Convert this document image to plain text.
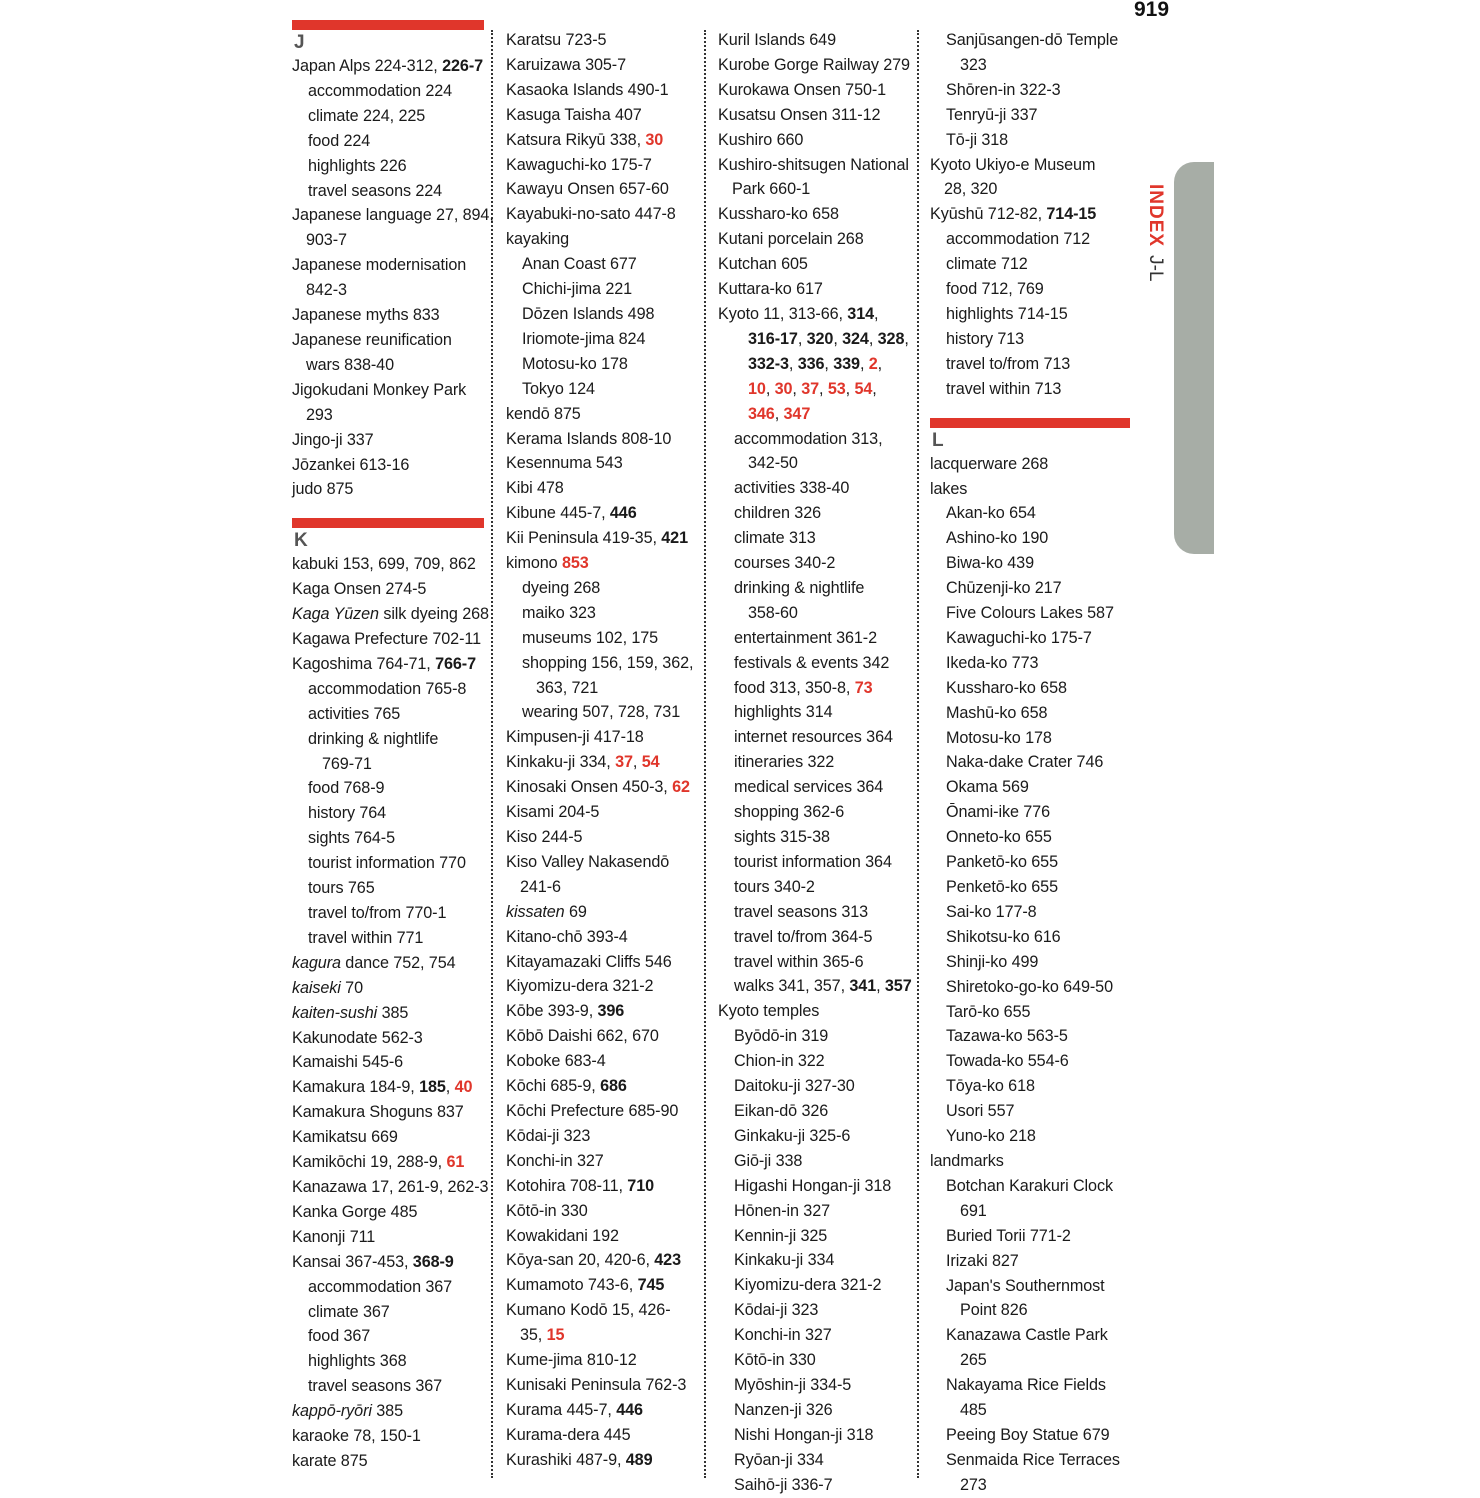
919
J
Japan Alps 224-312, 226-7
accommodation 224
climate 224, 225
food 224
highlights 226
travel seasons 224
Japanese language 27, 894,
903-7
Japanese modernisation
842-3
Japanese myths 833
Japanese reunification
wars 838-40
Jigokudani Monkey Park
293
Jingo-ji 337
Jōzankei 613-16
judo 875
K
kabuki 153, 699, 709, 862
Kaga Onsen 274-5
Kaga Yūzen silk dyeing 268
Kagawa Prefecture 702-11
Kagoshima 764-71, 766-7
accommodation 765-8
activities 765
drinking & nightlife
769-71
food 768-9
history 764
sights 764-5
tourist information 770
tours 765
travel to/from 770-1
travel within 771
kagura dance 752, 754
kaiseki 70
kaiten-sushi 385
Kakunodate 562-3
Kamaishi 545-6
Kamakura 184-9, 185, 40
Kamakura Shoguns 837
Kamikatsu 669
Kamikōchi 19, 288-9, 61
Kanazawa 17, 261-9, 262-3
Kanka Gorge 485
Kanonji 711
Kansai 367-453, 368-9
accommodation 367
climate 367
food 367
highlights 368
travel seasons 367
kappō-ryōri 385
karaoke 78, 150-1
karate 875
Karatsu 723-5
Karuizawa 305-7
Kasaoka Islands 490-1
Kasuga Taisha 407
Katsura Rikyū 338, 30
Kawaguchi-ko 175-7
Kawayu Onsen 657-60
Kayabuki-no-sato 447-8
kayaking
Anan Coast 677
Chichi-jima 221
Dōzen Islands 498
Iriomote-jima 824
Motosu-ko 178
Tokyo 124
kendō 875
Kerama Islands 808-10
Kesennuma 543
Kibi 478
Kibune 445-7, 446
Kii Peninsula 419-35, 421
kimono 853
dyeing 268
maiko 323
museums 102, 175
shopping 156, 159, 362,
363, 721
wearing 507, 728, 731
Kimpusen-ji 417-18
Kinkaku-ji 334, 37, 54
Kinosaki Onsen 450-3, 62
Kisami 204-5
Kiso 244-5
Kiso Valley Nakasendō
241-6
kissaten 69
Kitano-chō 393-4
Kitayamazaki Cliffs 546
Kiyomizu-dera 321-2
Kōbe 393-9, 396
Kōbō Daishi 662, 670
Koboke 683-4
Kōchi 685-9, 686
Kōchi Prefecture 685-90
Kōdai-ji 323
Konchi-in 327
Kotohira 708-11, 710
Kōtō-in 330
Kowakidani 192
Kōya-san 20, 420-6, 423
Kumamoto 743-6, 745
Kumano Kodō 15, 426-
35, 15
Kume-jima 810-12
Kunisaki Peninsula 762-3
Kurama 445-7, 446
Kurama-dera 445
Kurashiki 487-9, 489
Kuril Islands 649
Kurobe Gorge Railway 279
Kurokawa Onsen 750-1
Kusatsu Onsen 311-12
Kushiro 660
Kushiro-shitsugen National
Park 660-1
Kussharo-ko 658
Kutani porcelain 268
Kutchan 605
Kuttara-ko 617
Kyoto 11, 313-66, 314,
316-17, 320, 324, 328,
332-3, 336, 339, 2,
10, 30, 37, 53, 54,
346, 347
accommodation 313,
342-50
activities 338-40
children 326
climate 313
courses 340-2
drinking & nightlife
358-60
entertainment 361-2
festivals & events 342
food 313, 350-8, 73
highlights 314
internet resources 364
itineraries 322
medical services 364
shopping 362-6
sights 315-38
tourist information 364
tours 340-2
travel seasons 313
travel to/from 364-5
travel within 365-6
walks 341, 357, 341, 357
Kyoto temples
Byōdō-in 319
Chion-in 322
Daitoku-ji 327-30
Eikan-dō 326
Ginkaku-ji 325-6
Giō-ji 338
Higashi Hongan-ji 318
Hōnen-in 327
Kennin-ji 325
Kinkaku-ji 334
Kiyomizu-dera 321-2
Kōdai-ji 323
Konchi-in 327
Kōtō-in 330
Myōshin-ji 334-5
Nanzen-ji 326
Nishi Hongan-ji 318
Ryōan-ji 334
Saihō-ji 336-7
Sanjūsangen-dō Temple
323
Shōren-in 322-3
Tenryū-ji 337
Tō-ji 318
Kyoto Ukiyo-e Museum
28, 320
Kyūshū 712-82, 714-15
accommodation 712
climate 712
food 712, 769
highlights 714-15
history 713
travel to/from 713
travel within 713
L
lacquerware 268
lakes
Akan-ko 654
Ashino-ko 190
Biwa-ko 439
Chūzenji-ko 217
Five Colours Lakes 587
Kawaguchi-ko 175-7
Ikeda-ko 773
Kussharo-ko 658
Mashū-ko 658
Motosu-ko 178
Naka-dake Crater 746
Okama 569
Ōnami-ike 776
Onneto-ko 655
Panketō-ko 655
Penketō-ko 655
Sai-ko 177-8
Shikotsu-ko 616
Shinji-ko 499
Shiretoko-go-ko 649-50
Tarō-ko 655
Tazawa-ko 563-5
Towada-ko 554-6
Tōya-ko 618
Usori 557
Yuno-ko 218
landmarks
Botchan Karakuri Clock
691
Buried Torii 771-2
Irizaki 827
Japan's Southernmost
Point 826
Kanazawa Castle Park
265
Nakayama Rice Fields
485
Peeing Boy Statue 679
Senmaida Rice Terraces
273
INDEXJ-L
